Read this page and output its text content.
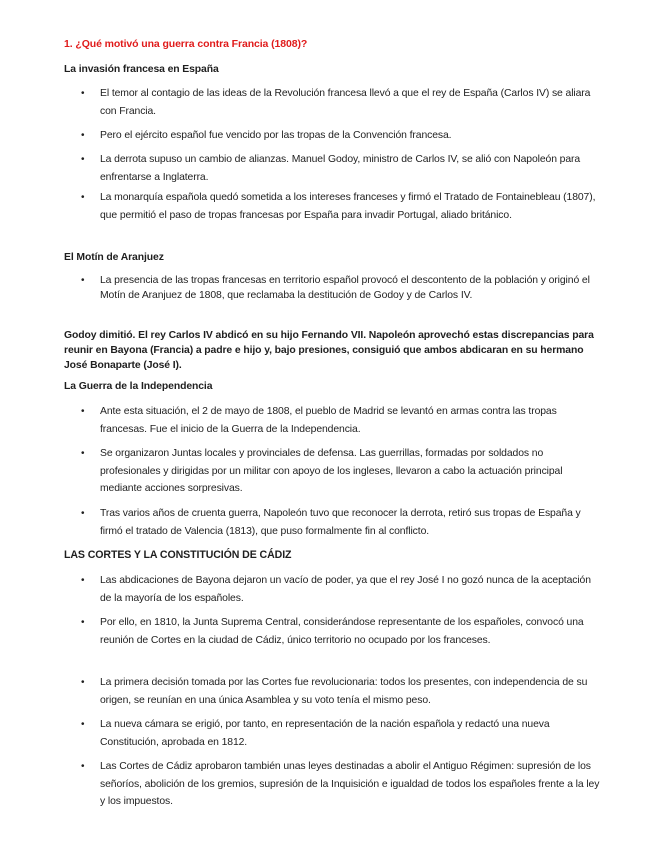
1. ¿Qué motivó una guerra contra Francia (1808)?
La invasión francesa en España
• El temor al contagio de las ideas de la Revolución francesa llevó a que el rey de España (Carlos IV) se aliara con Francia.
• Pero el ejército español fue vencido por las tropas de la Convención francesa.
• La derrota supuso un cambio de alianzas. Manuel Godoy, ministro de Carlos IV, se alió con Napoleón para enfrentarse a Inglaterra.
• La monarquía española quedó sometida a los intereses franceses y firmó el Tratado de Fontainebleau (1807), que permitió el paso de tropas francesas por España para invadir Portugal, aliado británico.
El Motín de Aranjuez
• La presencia de las tropas francesas en territorio español provocó el descontento de la población y originó el Motín de Aranjuez de 1808, que reclamaba la destitución de Godoy y de Carlos IV.
Godoy dimitió. El rey Carlos IV abdicó en su hijo Fernando VII. Napoleón aprovechó estas discrepancias para reunir en Bayona (Francia) a padre e hijo y, bajo presiones, consiguió que ambos abdicaran en su hermano José Bonaparte (José I).
La Guerra de la Independencia
• Ante esta situación, el 2 de mayo de 1808, el pueblo de Madrid se levantó en armas contra las tropas francesas. Fue el inicio de la Guerra de la Independencia.
• Se organizaron Juntas locales y provinciales de defensa. Las guerrillas, formadas por soldados no profesionales y dirigidas por un militar con apoyo de los ingleses, llevaron a cabo la actuación principal mediante acciones sorpresivas.
• Tras varios años de cruenta guerra, Napoleón tuvo que reconocer la derrota, retiró sus tropas de España y firmó el tratado de Valencia (1813), que puso formalmente fin al conflicto.
LAS CORTES Y LA CONSTITUCIÓN DE CÁDIZ
• Las abdicaciones de Bayona dejaron un vacío de poder, ya que el rey José I no gozó nunca de la aceptación de la mayoría de los españoles.
• Por ello, en 1810, la Junta Suprema Central, considerándose representante de los españoles, convocó una reunión de Cortes en la ciudad de Cádiz, único territorio no ocupado por los franceses.
• La primera decisión tomada por las Cortes fue revolucionaria: todos los presentes, con independencia de su origen, se reunían en una única Asamblea y su voto tenía el mismo peso.
• La nueva cámara se erigió, por tanto, en representación de la nación española y redactó una nueva Constitución, aprobada en 1812.
• Las Cortes de Cádiz aprobaron también unas leyes destinadas a abolir el Antiguo Régimen: supresión de los señoríos, abolición de los gremios, supresión de la Inquisición e igualdad de todos los españoles frente a la ley y los impuestos.
